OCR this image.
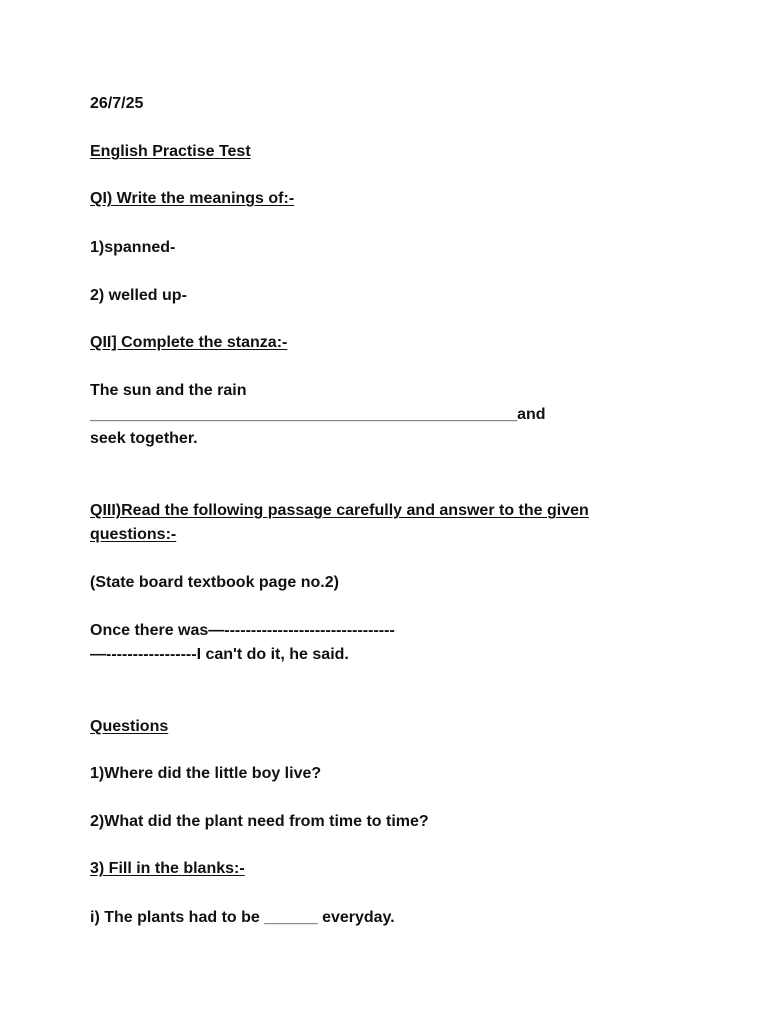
26/7/25

English Practise Test

QI) Write the meanings of:-

1)spanned-

2) welled up-

QII] Complete the stanza:-

The sun and the rain

________________________________________________and

seek together.

QIII)Read the following passage carefully and answer to the given

questions:-

(State board textbook page no.2)

Once there was—--------------------------------

—-----------------I can't do it, he said.

Questions

1)Where did the little boy live?

2)What did the plant need from time to time?

3) Fill in the blanks:-

i) The plants had to be ______ everyday.
